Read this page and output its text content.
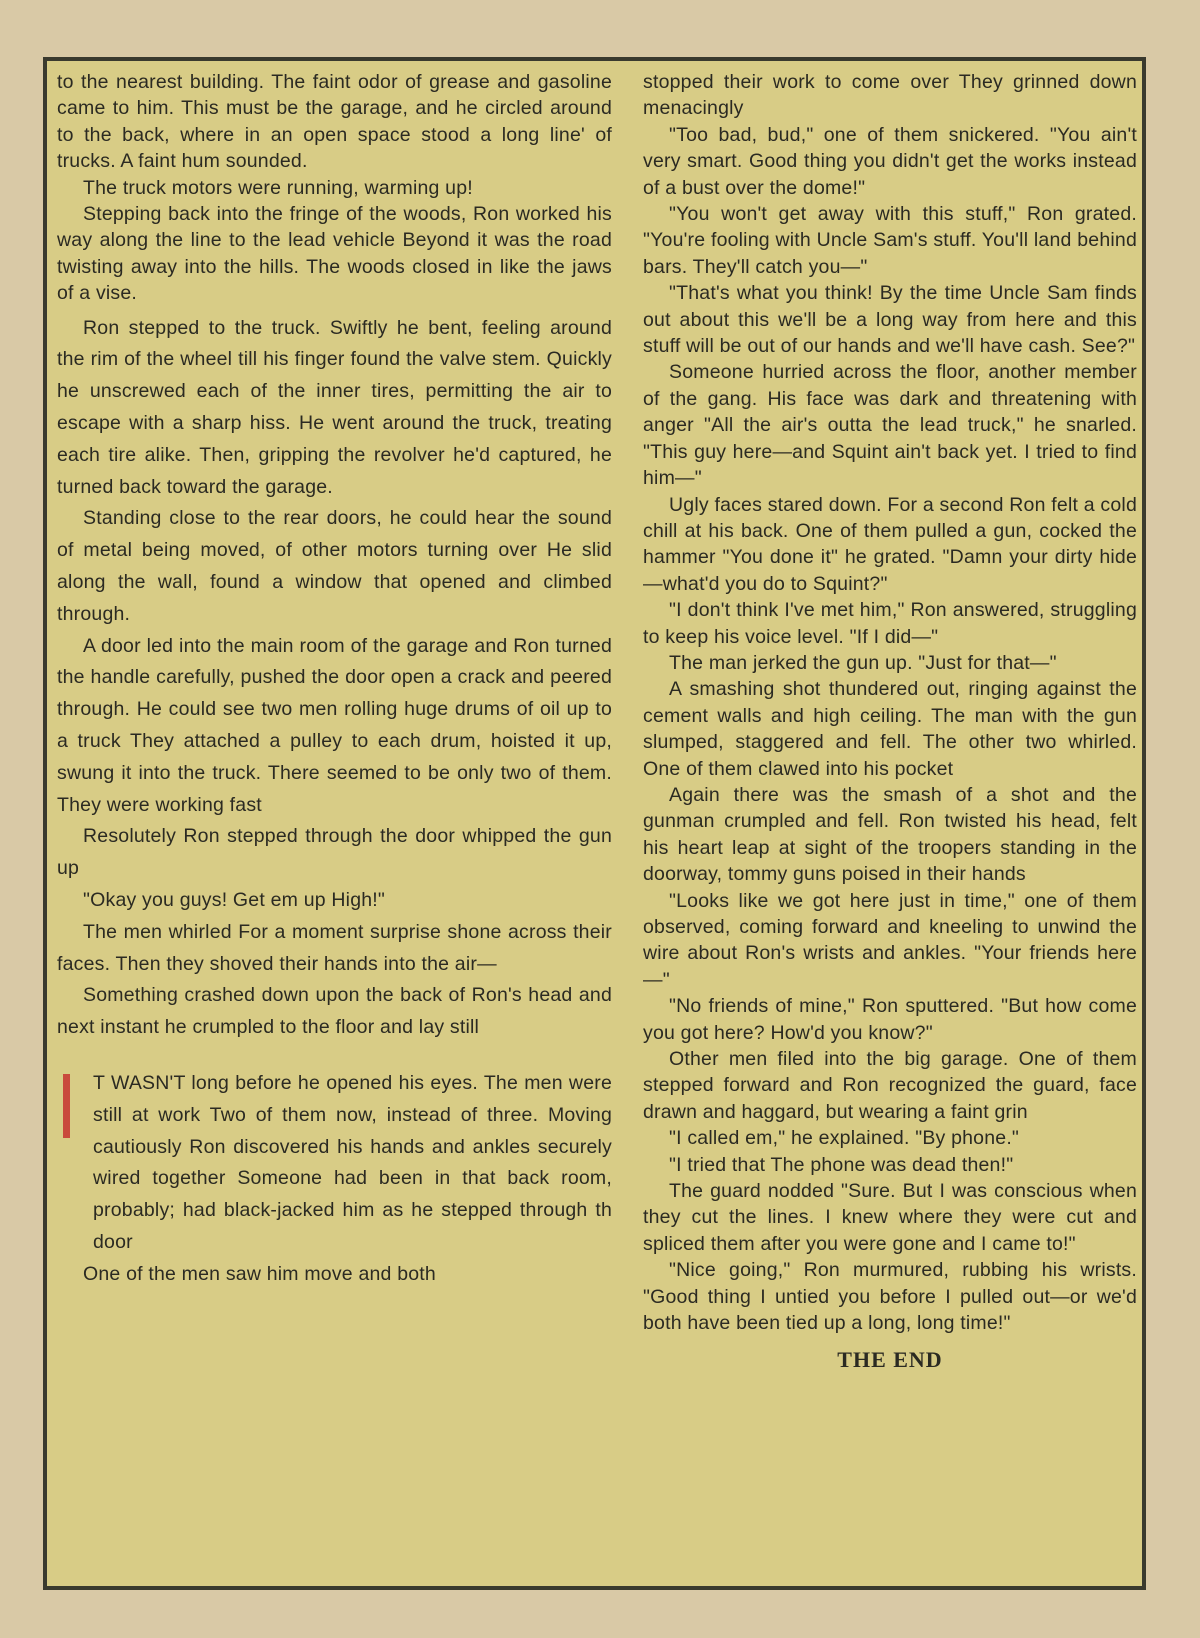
to the nearest building. The faint odor of grease and gasoline came to him. This must be the garage, and he circled around to the back, where in an open space stood a long line' of trucks. A faint hum sounded.

The truck motors were running, warming up!

Stepping back into the fringe of the woods, Ron worked his way along the line to the lead vehicle Beyond it was the road twisting away into the hills. The woods closed in like the jaws of a vise.

Ron stepped to the truck. Swiftly he bent, feeling around the rim of the wheel till his finger found the valve stem. Quickly he unscrewed each of the inner tires, permitting the air to escape with a sharp hiss. He went around the truck, treating each tire alike. Then, gripping the revolver he'd captured, he turned back toward the garage.

Standing close to the rear doors, he could hear the sound of metal being moved, of other motors turning over He slid along the wall, found a window that opened and climbed through.

A door led into the main room of the garage and Ron turned the handle carefully, pushed the door open a crack and peered through. He could see two men rolling huge drums of oil up to a truck They attached a pulley to each drum, hoisted it up, swung it into the truck. There seemed to be only two of them. They were working fast

Resolutely Ron stepped through the door whipped the gun up

"Okay you guys! Get em up High!"

The men whirled For a moment surprise shone across their faces. Then they shoved their hands into the air—

Something crashed down upon the back of Ron's head and next instant he crumpled to the floor and lay still

T WASN'T long before he opened his eyes. The men were still at work Two of them now, instead of three. Moving cautiously Ron discovered his hands and ankles securely wired together Someone had been in that back room, probably; had black-jacked him as he stepped through th door

One of the men saw him move and both

stopped their work to come over They grinned down menacingly

"Too bad, bud," one of them snickered. "You ain't very smart. Good thing you didn't get the works instead of a bust over the dome!"

"You won't get away with this stuff," Ron grated. "You're fooling with Uncle Sam's stuff. You'll land behind bars. They'll catch you—"

"That's what you think! By the time Uncle Sam finds out about this we'll be a long way from here and this stuff will be out of our hands and we'll have cash. See?"

Someone hurried across the floor, another member of the gang. His face was dark and threatening with anger "All the air's outta the lead truck," he snarled. "This guy here—and Squint ain't back yet. I tried to find him—"

Ugly faces stared down. For a second Ron felt a cold chill at his back. One of them pulled a gun, cocked the hammer "You done it" he grated. "Damn your dirty hide—what'd you do to Squint?"

"I don't think I've met him," Ron answered, struggling to keep his voice level. "If I did—"

The man jerked the gun up. "Just for that—"

A smashing shot thundered out, ringing against the cement walls and high ceiling. The man with the gun slumped, staggered and fell. The other two whirled. One of them clawed into his pocket

Again there was the smash of a shot and the gunman crumpled and fell. Ron twisted his head, felt his heart leap at sight of the troopers standing in the doorway, tommy guns poised in their hands

"Looks like we got here just in time," one of them observed, coming forward and kneeling to unwind the wire about Ron's wrists and ankles. "Your friends here—"

"No friends of mine," Ron sputtered. "But how come you got here? How'd you know?"

Other men filed into the big garage. One of them stepped forward and Ron recognized the guard, face drawn and haggard, but wearing a faint grin

"I called em," he explained. "By phone."

"I tried that The phone was dead then!"

The guard nodded "Sure. But I was conscious when they cut the lines. I knew where they were cut and spliced them after you were gone and I came to!"

"Nice going," Ron murmured, rubbing his wrists. "Good thing I untied you before I pulled out—or we'd both have been tied up a long, long time!"

THE END
